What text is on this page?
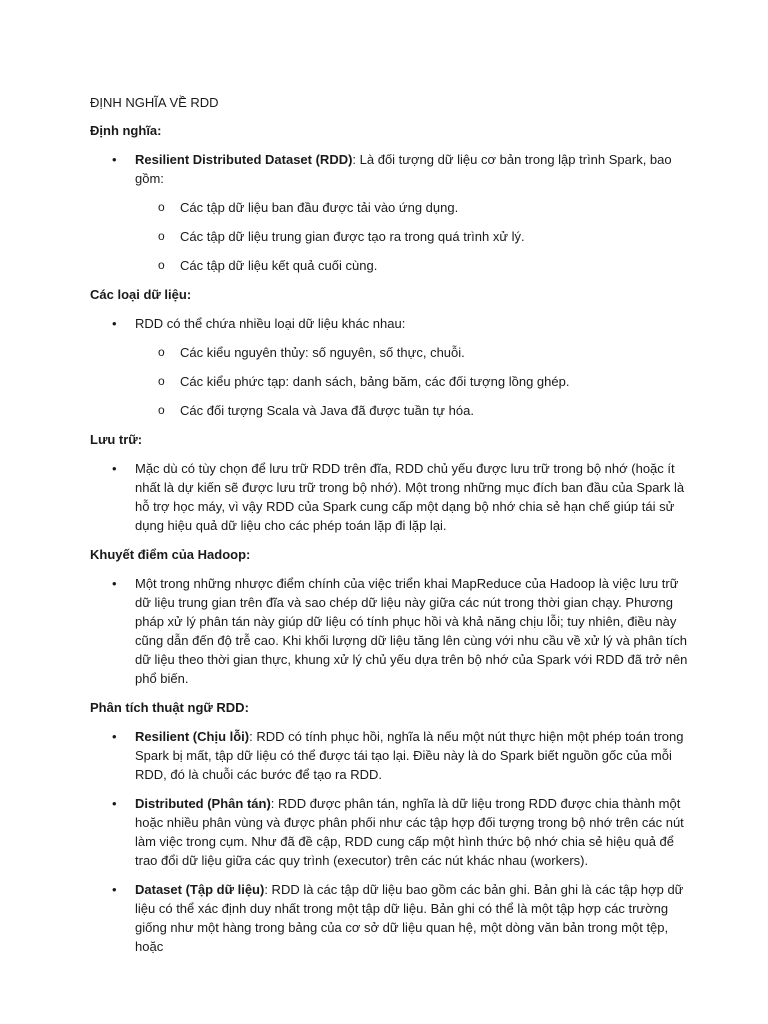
ĐỊNH NGHĨA VỀ RDD
Định nghĩa:
• Resilient Distributed Dataset (RDD): Là đối tượng dữ liệu cơ bản trong lập trình Spark, bao gồm:
o Các tập dữ liệu ban đầu được tải vào ứng dụng.
o Các tập dữ liệu trung gian được tạo ra trong quá trình xử lý.
o Các tập dữ liệu kết quả cuối cùng.
Các loại dữ liệu:
• RDD có thể chứa nhiều loại dữ liệu khác nhau:
o Các kiểu nguyên thủy: số nguyên, số thực, chuỗi.
o Các kiểu phức tạp: danh sách, bảng băm, các đối tượng lồng ghép.
o Các đối tượng Scala và Java đã được tuần tự hóa.
Lưu trữ:
• Mặc dù có tùy chọn để lưu trữ RDD trên đĩa, RDD chủ yếu được lưu trữ trong bộ nhớ (hoặc ít nhất là dự kiến sẽ được lưu trữ trong bộ nhớ). Một trong những mục đích ban đầu của Spark là hỗ trợ học máy, vì vậy RDD của Spark cung cấp một dạng bộ nhớ chia sẻ hạn chế giúp tái sử dụng hiệu quả dữ liệu cho các phép toán lặp đi lặp lại.
Khuyết điểm của Hadoop:
• Một trong những nhược điểm chính của việc triển khai MapReduce của Hadoop là việc lưu trữ dữ liệu trung gian trên đĩa và sao chép dữ liệu này giữa các nút trong thời gian chạy. Phương pháp xử lý phân tán này giúp dữ liệu có tính phục hồi và khả năng chịu lỗi; tuy nhiên, điều này cũng dẫn đến độ trễ cao. Khi khối lượng dữ liệu tăng lên cùng với nhu cầu về xử lý và phân tích dữ liệu theo thời gian thực, khung xử lý chủ yếu dựa trên bộ nhớ của Spark với RDD đã trở nên phổ biến.
Phân tích thuật ngữ RDD:
• Resilient (Chịu lỗi): RDD có tính phục hồi, nghĩa là nếu một nút thực hiện một phép toán trong Spark bị mất, tập dữ liệu có thể được tái tạo lại. Điều này là do Spark biết nguồn gốc của mỗi RDD, đó là chuỗi các bước để tạo ra RDD.
• Distributed (Phân tán): RDD được phân tán, nghĩa là dữ liệu trong RDD được chia thành một hoặc nhiều phân vùng và được phân phối như các tập hợp đối tượng trong bộ nhớ trên các nút làm việc trong cụm. Như đã đề cập, RDD cung cấp một hình thức bộ nhớ chia sẻ hiệu quả để trao đổi dữ liệu giữa các quy trình (executor) trên các nút khác nhau (workers).
• Dataset (Tập dữ liệu): RDD là các tập dữ liệu bao gồm các bản ghi. Bản ghi là các tập hợp dữ liệu có thể xác định duy nhất trong một tập dữ liệu. Bản ghi có thể là một tập hợp các trường giống như một hàng trong bảng của cơ sở dữ liệu quan hệ, một dòng văn bản trong một tệp, hoặc
